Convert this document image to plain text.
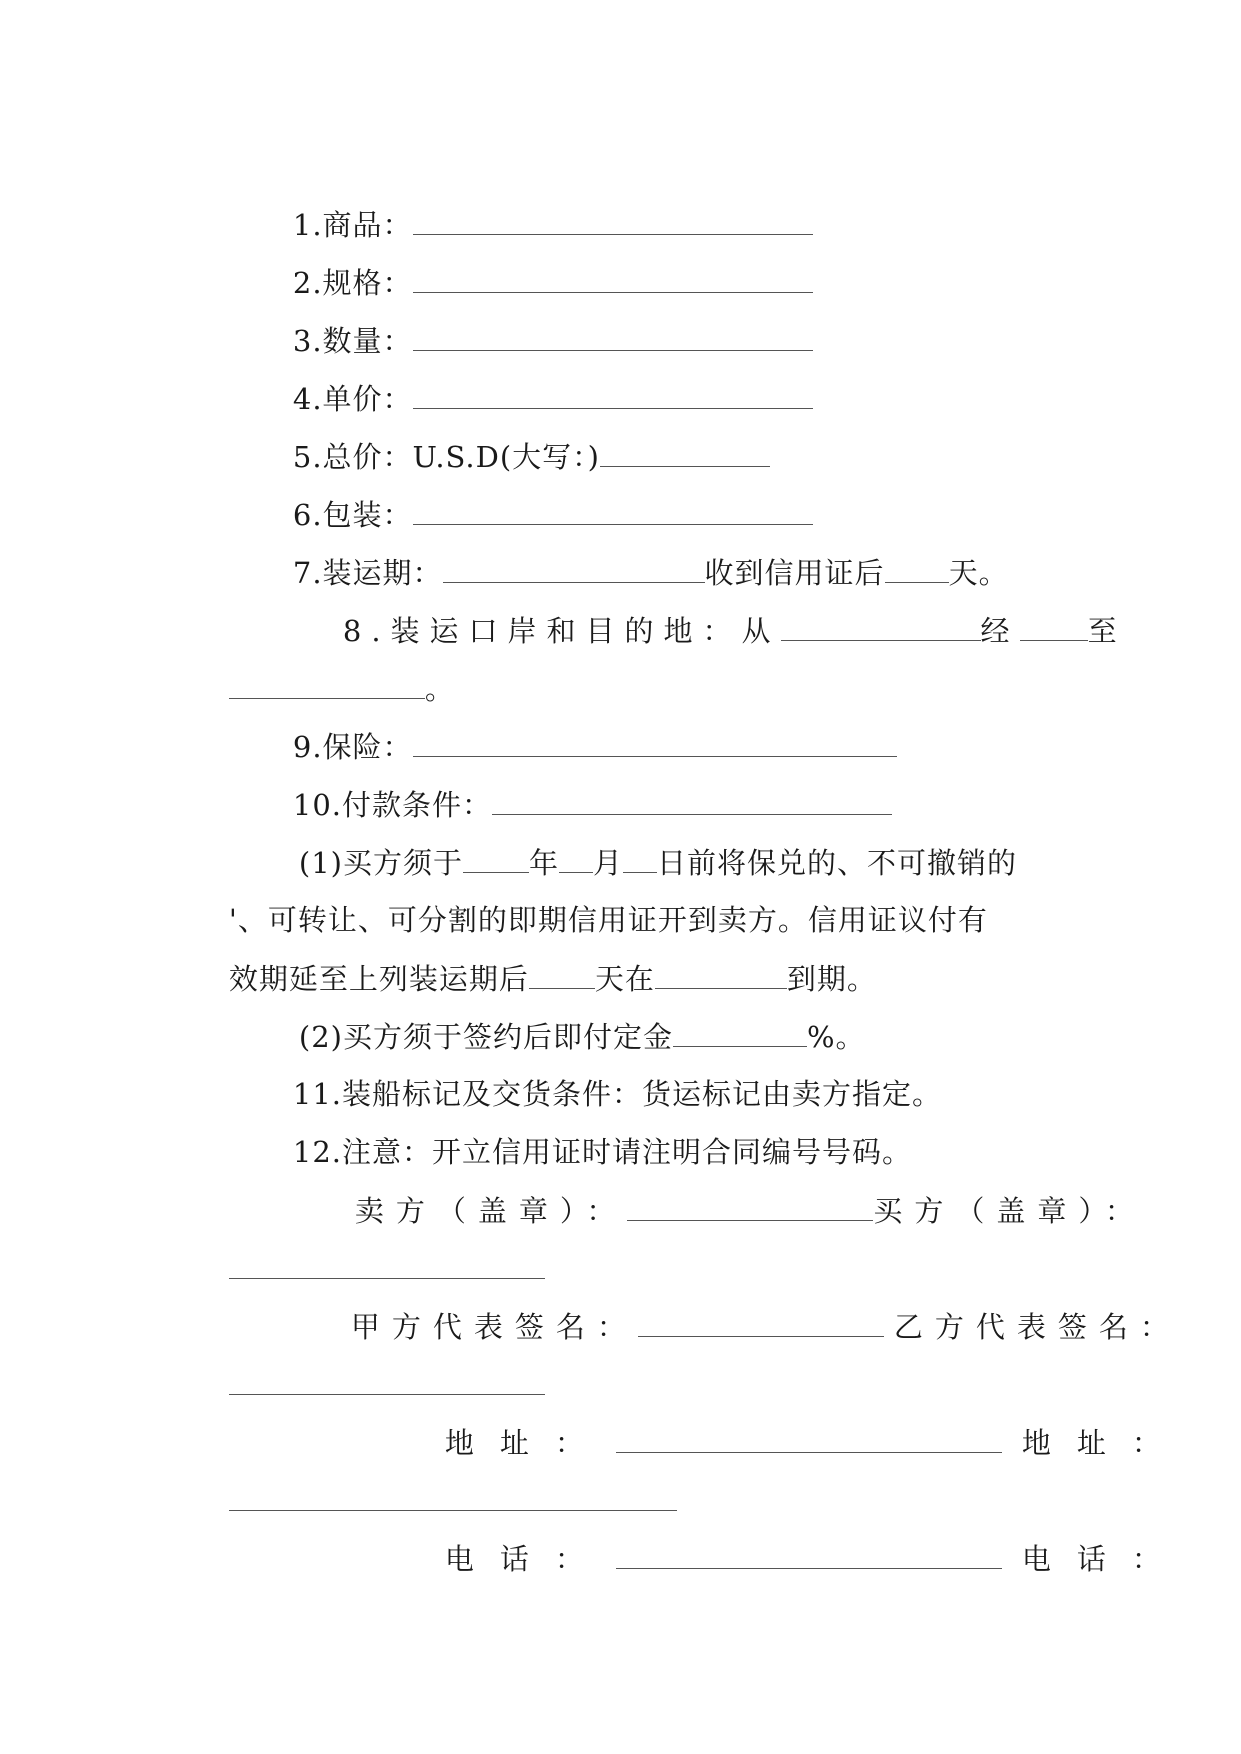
1.商品：

2.规格：

3.数量：

4.单价：

5.总价：U.S.D(大写：)

6.包装：

7.装运期：	收到信用证后 天。

8.装运口岸和目的地：从	经 至

。

9.保险：

10.付款条件：

(1)买方须于 年 月 日前将保兑的、不可撤销的

'、可转让、可分割的即期信用证开到卖方。信用证议付有

效期延至上列装运期后 天在	到期。

(2)买方须于签约后即付定金	%。

11.装船标记及交货条件：货运标记由卖方指定。

12.注意：开立信用证时请注明合同编号号码。

卖方（盖章）：	买方（盖章）：

甲方代表签名：	乙方代表签名：

地址：	地址：

电话：	电话：
